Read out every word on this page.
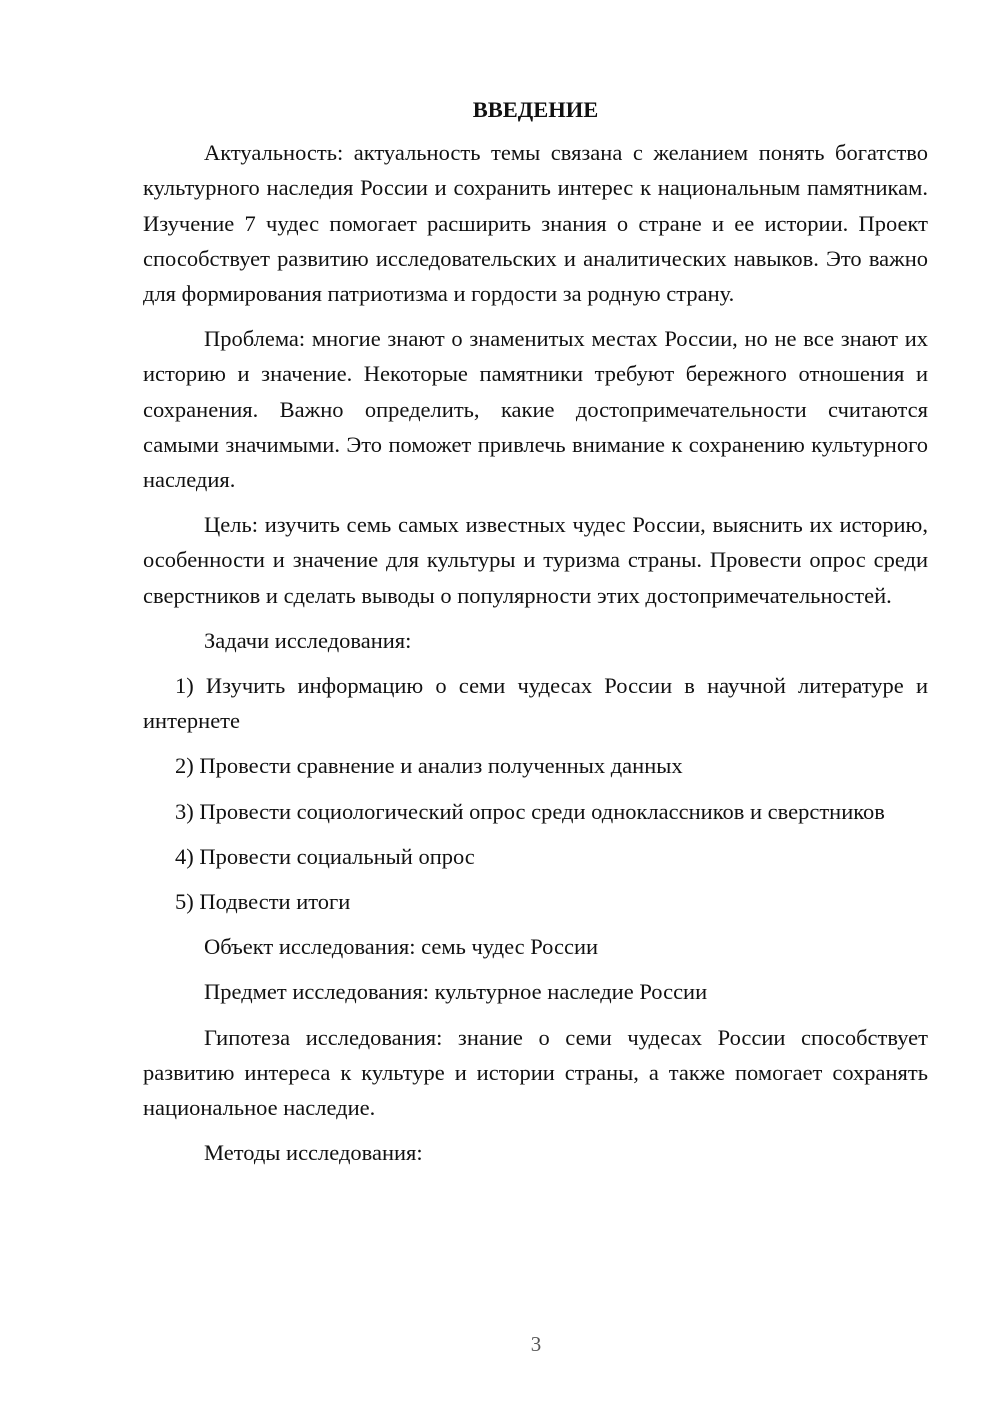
ВВЕДЕНИЕ

Актуальность: актуальность темы связана с желанием понять богатство культурного наследия России и сохранить интерес к национальным памятникам. Изучение 7 чудес помогает расширить знания о стране и ее истории. Проект способствует развитию исследовательских и аналитических навыков. Это важно для формирования патриотизма и гордости за родную страну.

Проблема: многие знают о знаменитых местах России, но не все знают их историю и значение. Некоторые памятники требуют бережного отношения и сохранения. Важно определить, какие достопримечательности считаются самыми значимыми. Это поможет привлечь внимание к сохранению культурного наследия.

Цель: изучить семь самых известных чудес России, выяснить их историю, особенности и значение для культуры и туризма страны. Провести опрос среди сверстников и сделать выводы о популярности этих достопримечательностей.

Задачи исследования:

1) Изучить информацию о семи чудесах России в научной литературе и интернете

2) Провести сравнение и анализ полученных данных

3) Провести социологический опрос среди одноклассников и сверстников

4) Провести социальный опрос

5) Подвести итоги

Объект исследования: семь чудес России

Предмет исследования: культурное наследие России

Гипотеза исследования: знание о семи чудесах России способствует развитию интереса к культуре и истории страны, а также помогает сохранять национальное наследие.

Методы исследования:

3
